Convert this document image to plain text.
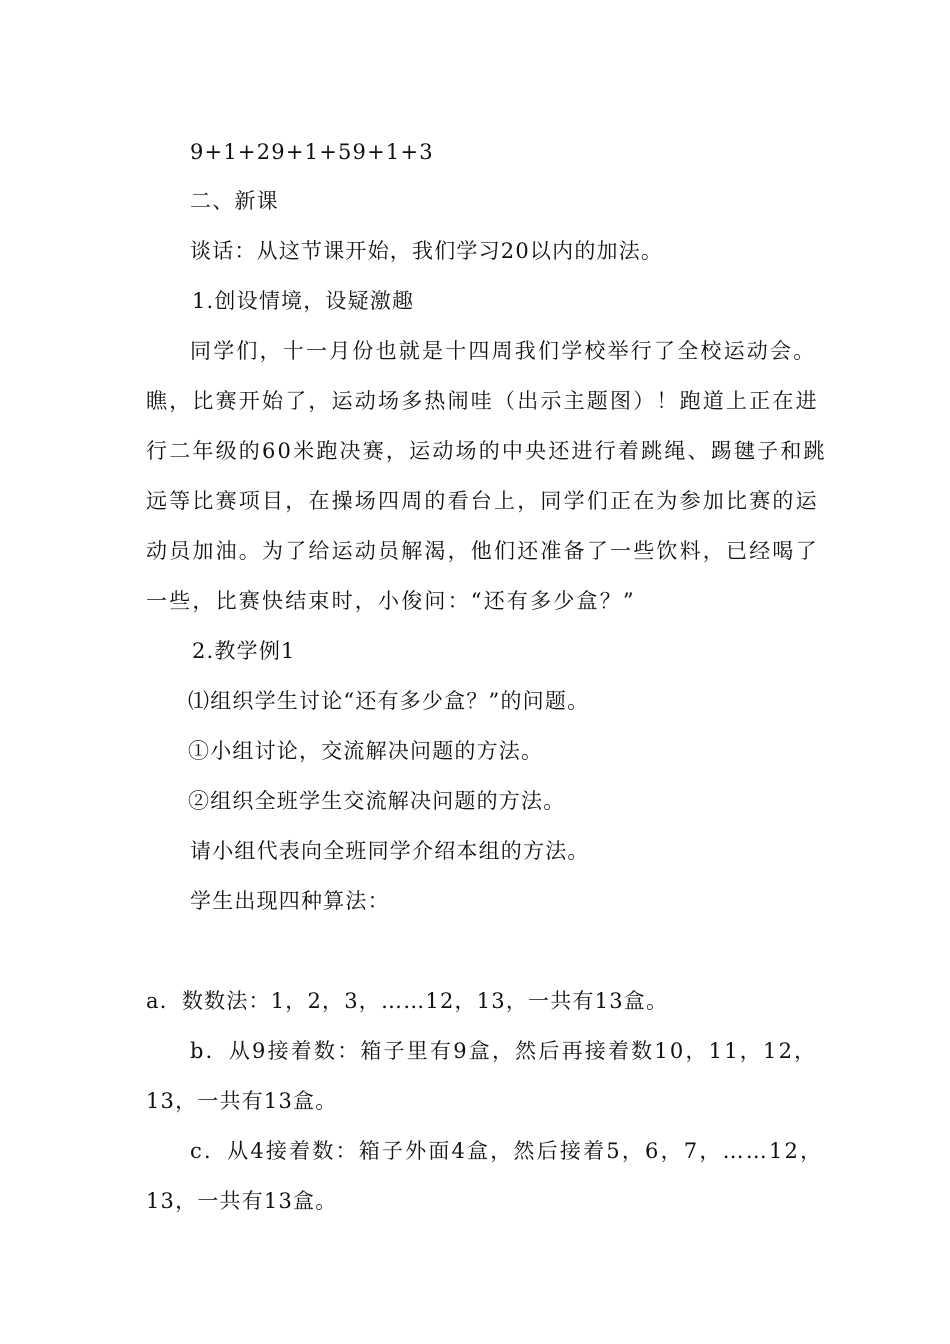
9+1+29+1+59+1+3
二、新课
谈话：从这节课开始，我们学习20以内的加法。
1.创设情境，设疑激趣
同学们，十一月份也就是十四周我们学校举行了全校运动会。
瞧，比赛开始了，运动场多热闹哇（出示主题图）！跑道上正在进
行二年级的60米跑决赛，运动场的中央还进行着跳绳、踢毽子和跳
远等比赛项目，在操场四周的看台上，同学们正在为参加比赛的运
动员加油。为了给运动员解渴，他们还准备了一些饮料，已经喝了
一些，比赛快结束时，小俊问：“还有多少盒？”
2.教学例1
⑴组织学生讨论“还有多少盒？”的问题。
①小组讨论，交流解决问题的方法。
②组织全班学生交流解决问题的方法。
请小组代表向全班同学介绍本组的方法。
学生出现四种算法：
a．数数法：1，2，3，……12，13，一共有13盒。
b．从9接着数：箱子里有9盒，然后再接着数10，11，12，
13，一共有13盒。
c．从4接着数：箱子外面4盒，然后接着5，6，7，……12，
13，一共有13盒。
